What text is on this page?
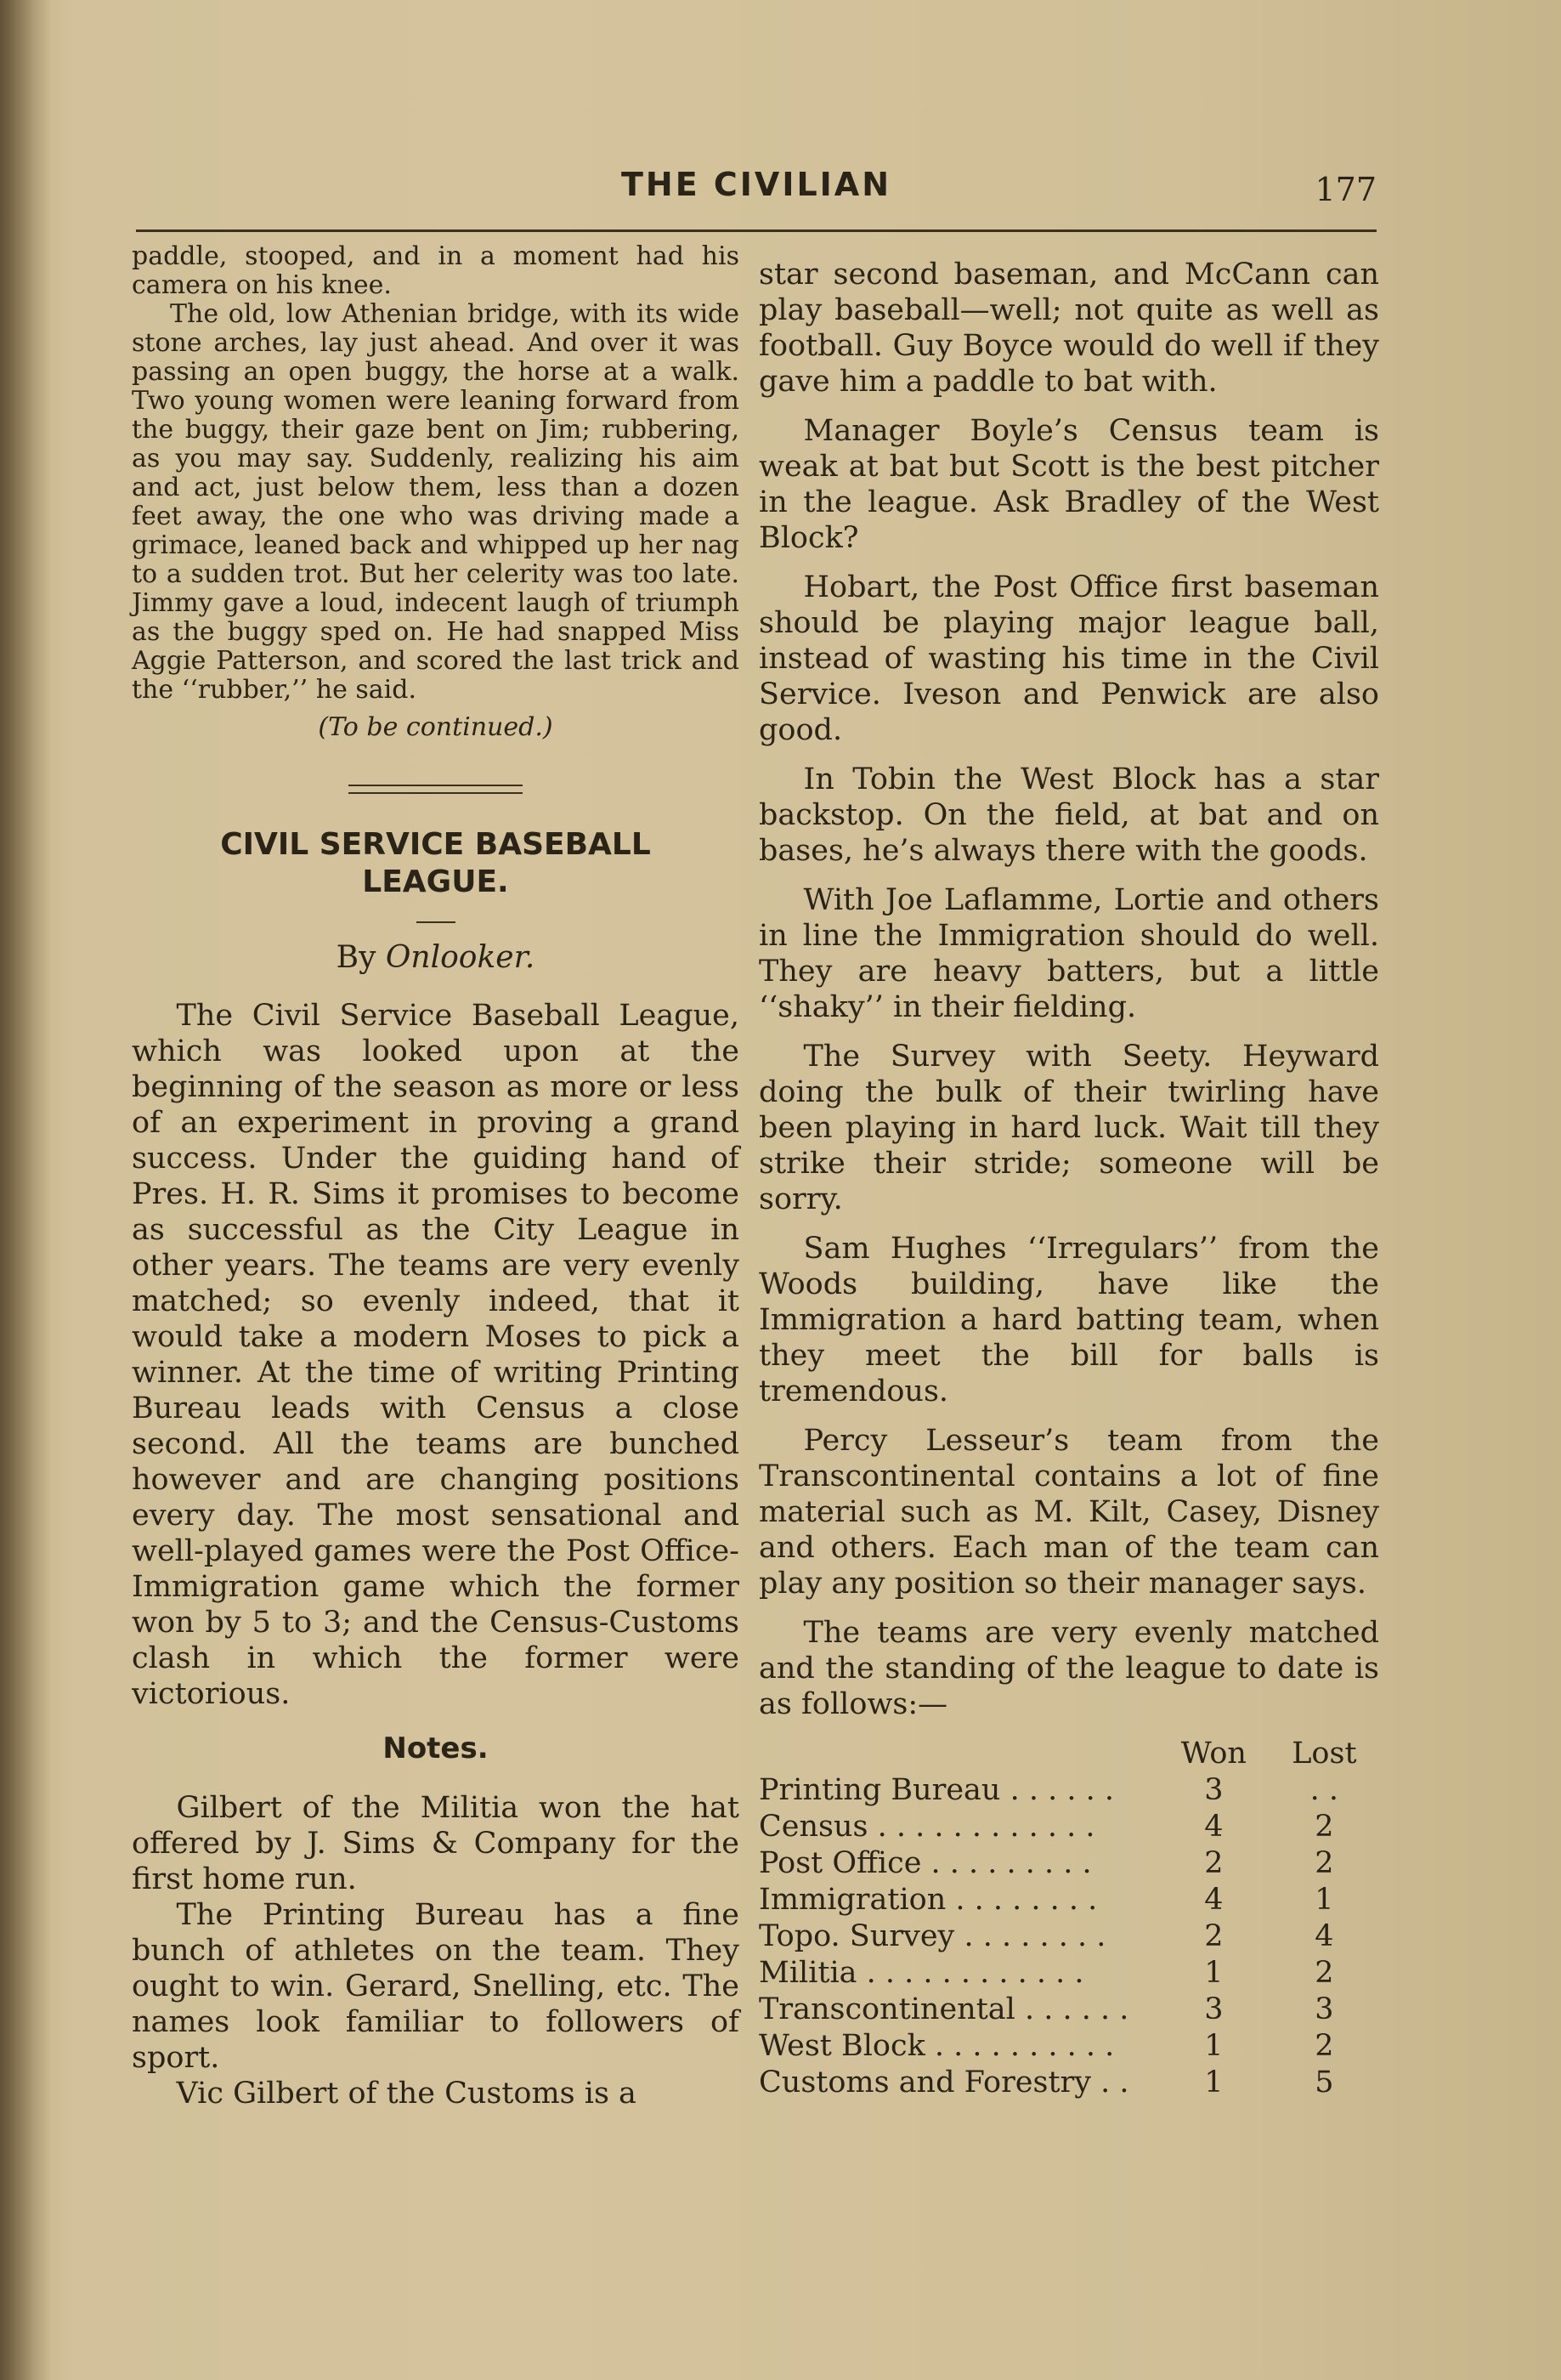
THE CIVILIAN	177

paddle, stooped, and in a moment had his camera on his knee.

The old, low Athenian bridge, with its wide stone arches, lay just ahead. And over it was passing an open buggy, the horse at a walk. Two young women were leaning forward from the buggy, their gaze bent on Jim; rubbering, as you may say. Suddenly, realizing his aim and act, just below them, less than a dozen feet away, the one who was driving made a grimace, leaned back and whipped up her nag to a sudden trot. But her celerity was too late. Jimmy gave a loud, indecent laugh of triumph as the buggy sped on. He had snapped Miss Aggie Patterson, and scored the last trick and the ‘‘rubber,’’ he said.

(To be continued.)
CIVIL SERVICE BASEBALL
LEAGUE.
By Onlooker.

The Civil Service Baseball League, which was looked upon at the beginning of the season as more or less of an experiment in proving a grand success. Under the guiding hand of Pres. H. R. Sims it promises to become as successful as the City League in other years. The teams are very evenly matched; so evenly indeed, that it would take a modern Moses to pick a winner. At the time of writing Printing Bureau leads with Census a close second. All the teams are bunched however and are changing positions every day. The most sensational and well-played games were the Post Office-Immigration game which the former won by 5 to 3; and the Census-Customs clash in which the former were victorious.

Notes.

Gilbert of the Militia won the hat offered by J. Sims & Company for the first home run.

The Printing Bureau has a fine bunch of athletes on the team. They ought to win. Gerard, Snelling, etc. The names look familiar to followers of sport.

Vic Gilbert of the Customs is a

star second baseman, and McCann can play baseball—well; not quite as well as football. Guy Boyce would do well if they gave him a paddle to bat with.

Manager Boyle’s Census team is weak at bat but Scott is the best pitcher in the league. Ask Bradley of the West Block?

Hobart, the Post Office first baseman should be playing major league ball, instead of wasting his time in the Civil Service. Iveson and Penwick are also good.

In Tobin the West Block has a star backstop. On the field, at bat and on bases, he’s always there with the goods.

With Joe Laflamme, Lortie and others in line the Immigration should do well. They are heavy batters, but a little ‘‘shaky’’ in their fielding.

The Survey with Seety. Heyward doing the bulk of their twirling have been playing in hard luck. Wait till they strike their stride; someone will be sorry.

Sam Hughes ‘‘Irregulars’’ from the Woods building, have like the Immigration a hard batting team, when they meet the bill for balls is tremendous.

Percy Lesseur’s team from the Transcontinental contains a lot of fine material such as M. Kilt, Casey, Disney and others. Each man of the team can play any position so their manager says.

The teams are very evenly matched and the standing of the league to date is as follows:—

	Won	Lost
Printing Bureau . . . . . .	3	. .
Census . . . . . . . . . . . .	4	2
Post Office . . . . . . . . .	2	2
Immigration . . . . . . . .	4	1
Topo. Survey . . . . . . . .	2	4
Militia . . . . . . . . . . . .	1	2
Transcontinental . . . . . .	3	3
West Block . . . . . . . . . .	1	2
Customs and Forestry . .	1	5
